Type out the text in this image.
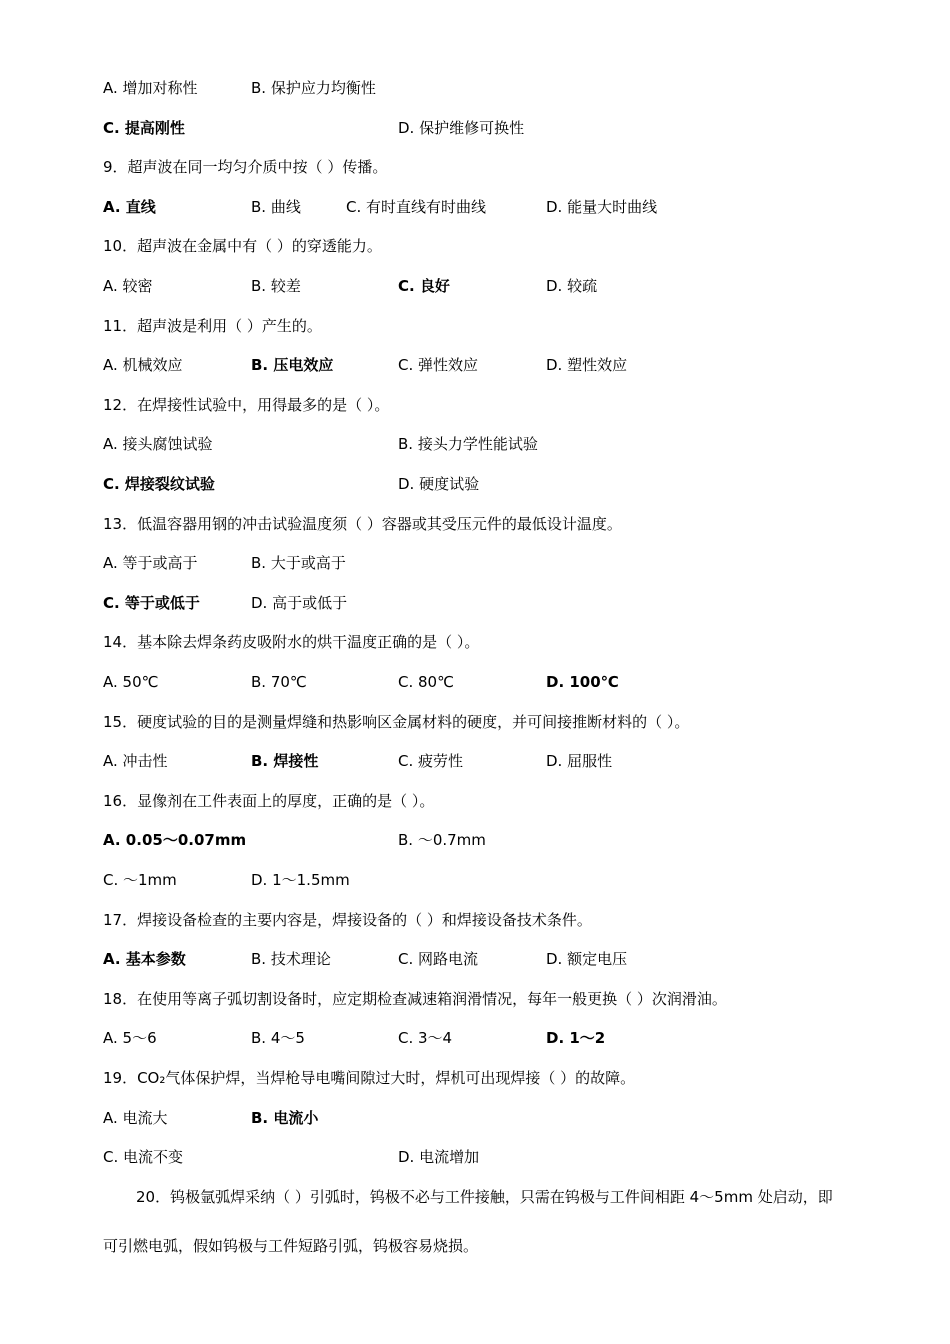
A. 增加对称性	B. 保护应力均衡性
C. 提高刚性	D. 保护维修可换性
9．超声波在同一均匀介质中按（ ）传播。
A. 直线	B. 曲线	C. 有时直线有时曲线	D. 能量大时曲线
10．超声波在金属中有（ ）的穿透能力。
A. 较密	B. 较差	C. 良好	D. 较疏
11．超声波是利用（ ）产生的。
A. 机械效应	B. 压电效应	C. 弹性效应	D. 塑性效应
12．在焊接性试验中，用得最多的是（ ）。
A. 接头腐蚀试验	B. 接头力学性能试验
C. 焊接裂纹试验	D. 硬度试验
13．低温容器用钢的冲击试验温度须（ ）容器或其受压元件的最低设计温度。
A. 等于或高于	B. 大于或高于
C. 等于或低于	D. 高于或低于
14．基本除去焊条药皮吸附水的烘干温度正确的是（ ）。
A. 50℃	B. 70℃	C. 80℃	D. 100℃
15．硬度试验的目的是测量焊缝和热影响区金属材料的硬度，并可间接推断材料的（ ）。
A. 冲击性	B. 焊接性	C. 疲劳性	D. 屈服性
16．显像剂在工件表面上的厚度，正确的是（ ）。
A. 0.05～0.07mm	B. ～0.7mm
C. ～1mm	D. 1～1.5mm
17．焊接设备检查的主要内容是，焊接设备的（ ）和焊接设备技术条件。
A. 基本参数	B. 技术理论	C. 网路电流	D. 额定电压
18．在使用等离子弧切割设备时，应定期检查减速箱润滑情况，每年一般更换（ ）次润滑油。
A. 5～6	B. 4～5	C. 3～4	D. 1～2
19．CO₂气体保护焊，当焊枪导电嘴间隙过大时，焊机可出现焊接（ ）的故障。
A. 电流大	B. 电流小
C. 电流不变	D. 电流增加
20．钨极氩弧焊采纳（ ）引弧时，钨极不必与工件接触，只需在钨极与工件间相距 4～5mm 处启动，即
可引燃电弧，假如钨极与工件短路引弧，钨极容易烧损。
